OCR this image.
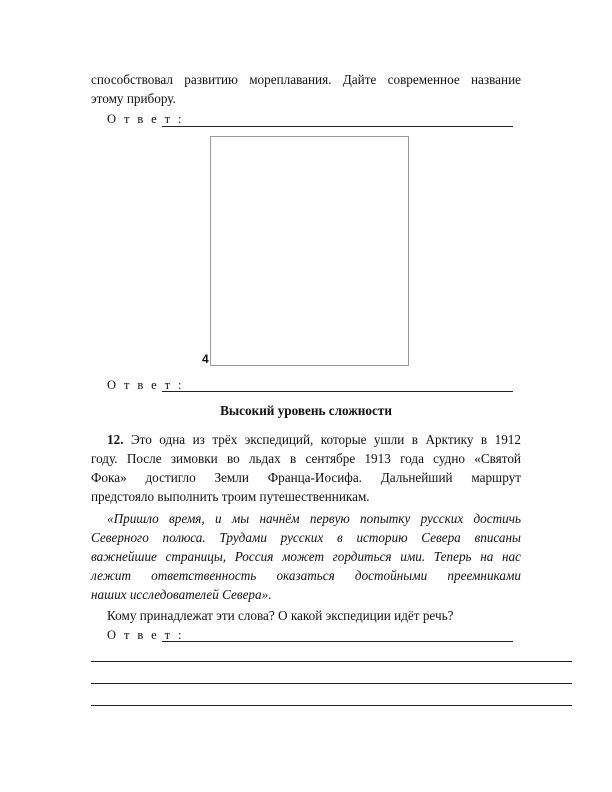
способствовал развитию мореплавания. Дайте современное название
этому прибору.
О т в е т :
4
О т в е т :
Высокий уровень сложности
12. Это одна из трёх экспедиций, которые ушли в Арктику в 1912
году. После зимовки во льдах в сентябре 1913 года судно «Святой
Фока» достигло Земли Франца-Иосифа. Дальнейший маршрут
предстояло выполнить троим путешественникам.
«Пришло время, и мы начнём первую попытку русских достичь
Северного полюса. Трудами русских в историю Севера вписаны
важнейшие страницы, Россия может гордиться ими. Теперь на нас
лежит ответственность оказаться достойными преемниками
наших исследователей Севера».
Кому принадлежат эти слова? О какой экспедиции идёт речь?
О т в е т :
